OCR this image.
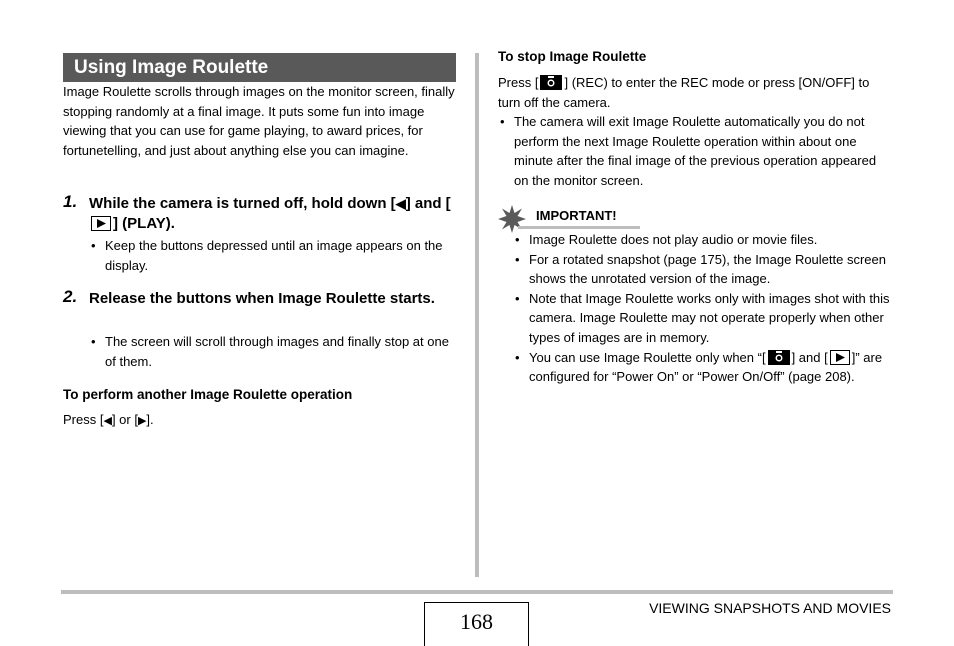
Using Image Roulette
Image Roulette scrolls through images on the monitor screen, finally stopping randomly at a final image. It puts some fun into image viewing that you can use for game playing, to award prices, for fortunetelling, and just about anything else you can imagine.
1. While the camera is turned off, hold down [◀] and [
] (PLAY).
• Keep the buttons depressed until an image appears on the display.
2. Release the buttons when Image Roulette starts.
• The screen will scroll through images and finally stop at one of them.
To perform another Image Roulette operation
Press [◀] or [▶].
To stop Image Roulette
Press [ ] (REC) to enter the REC mode or press [ON/OFF] to turn off the camera.
• The camera will exit Image Roulette automatically you do not perform the next Image Roulette operation within about one minute after the final image of the previous operation appeared on the monitor screen.
IMPORTANT!
• Image Roulette does not play audio or movie files.
• For a rotated snapshot (page 175), the Image Roulette screen shows the unrotated version of the image.
• Note that Image Roulette works only with images shot with this camera. Image Roulette may not operate properly when other types of images are in memory.
• You can use Image Roulette only when “[ ] and [ ]” are configured for “Power On” or “Power On/Off” (page 208).
168
VIEWING SNAPSHOTS AND MOVIES
